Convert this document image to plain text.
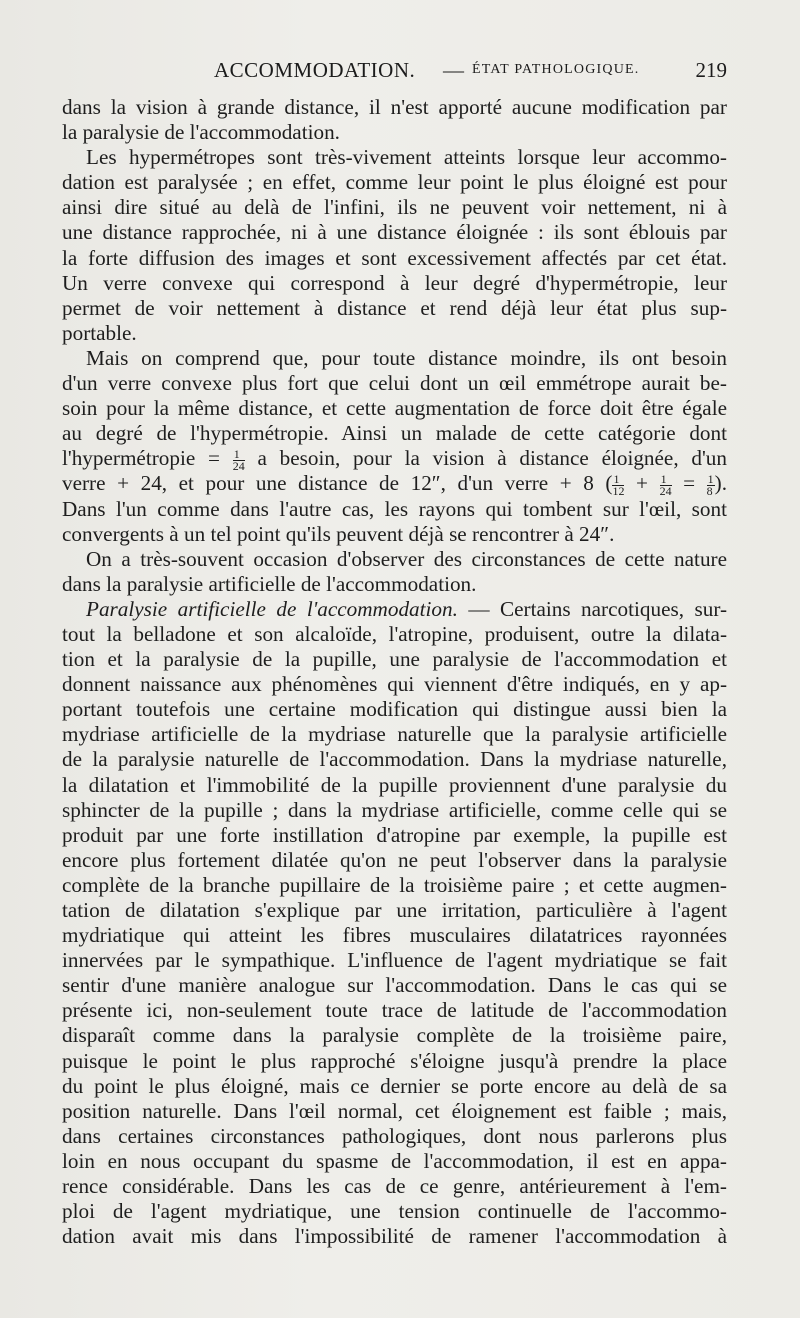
ACCOMMODATION. — ÉTAT PATHOLOGIQUE.	219
dans la vision à grande distance, il n'est apporté aucune modification par
la paralysie de l'accommodation.
Les hypermétropes sont très-vivement atteints lorsque leur accommo-
dation est paralysée ; en effet, comme leur point le plus éloigné est pour
ainsi dire situé au delà de l'infini, ils ne peuvent voir nettement, ni à
une distance rapprochée, ni à une distance éloignée : ils sont éblouis par
la forte diffusion des images et sont excessivement affectés par cet état.
Un verre convexe qui correspond à leur degré d'hypermétropie, leur
permet de voir nettement à distance et rend déjà leur état plus sup-
portable.
Mais on comprend que, pour toute distance moindre, ils ont besoin
d'un verre convexe plus fort que celui dont un œil emmétrope aurait be-
soin pour la même distance, et cette augmentation de force doit être égale
au degré de l'hypermétropie. Ainsi un malade de cette catégorie dont
l'hypermétropie = $\frac{1}{24}$ a besoin, pour la vision à distance éloignée, d'un
verre + 24, et pour une distance de 12″, d'un verre + 8 ( $\frac{1}{12} + \frac{1}{24} = \frac{1}{8}$ ).
Dans l'un comme dans l'autre cas, les rayons qui tombent sur l'œil, sont
convergents à un tel point qu'ils peuvent déjà se rencontrer à 24″.
On a très-souvent occasion d'observer des circonstances de cette nature
dans la paralysie artificielle de l'accommodation.
Paralysie artificielle de l'accommodation. — Certains narcotiques, sur-
tout la belladone et son alcaloïde, l'atropine, produisent, outre la dilata-
tion et la paralysie de la pupille, une paralysie de l'accommodation et
donnent naissance aux phénomènes qui viennent d'être indiqués, en y ap-
portant toutefois une certaine modification qui distingue aussi bien la
mydriase artificielle de la mydriase naturelle que la paralysie artificielle
de la paralysie naturelle de l'accommodation. Dans la mydriase naturelle,
la dilatation et l'immobilité de la pupille proviennent d'une paralysie du
sphincter de la pupille ; dans la mydriase artificielle, comme celle qui se
produit par une forte instillation d'atropine par exemple, la pupille est
encore plus fortement dilatée qu'on ne peut l'observer dans la paralysie
complète de la branche pupillaire de la troisième paire ; et cette augmen-
tation de dilatation s'explique par une irritation, particulière à l'agent
mydriatique qui atteint les fibres musculaires dilatatrices rayonnées
innervées par le sympathique. L'influence de l'agent mydriatique se fait
sentir d'une manière analogue sur l'accommodation. Dans le cas qui se
présente ici, non-seulement toute trace de latitude de l'accommodation
disparaît comme dans la paralysie complète de la troisième paire,
puisque le point le plus rapproché s'éloigne jusqu'à prendre la place
du point le plus éloigné, mais ce dernier se porte encore au delà de sa
position naturelle. Dans l'œil normal, cet éloignement est faible ; mais,
dans certaines circonstances pathologiques, dont nous parlerons plus
loin en nous occupant du spasme de l'accommodation, il est en appa-
rence considérable. Dans les cas de ce genre, antérieurement à l'em-
ploi de l'agent mydriatique, une tension continuelle de l'accommo-
dation avait mis dans l'impossibilité de ramener l'accommodation à
